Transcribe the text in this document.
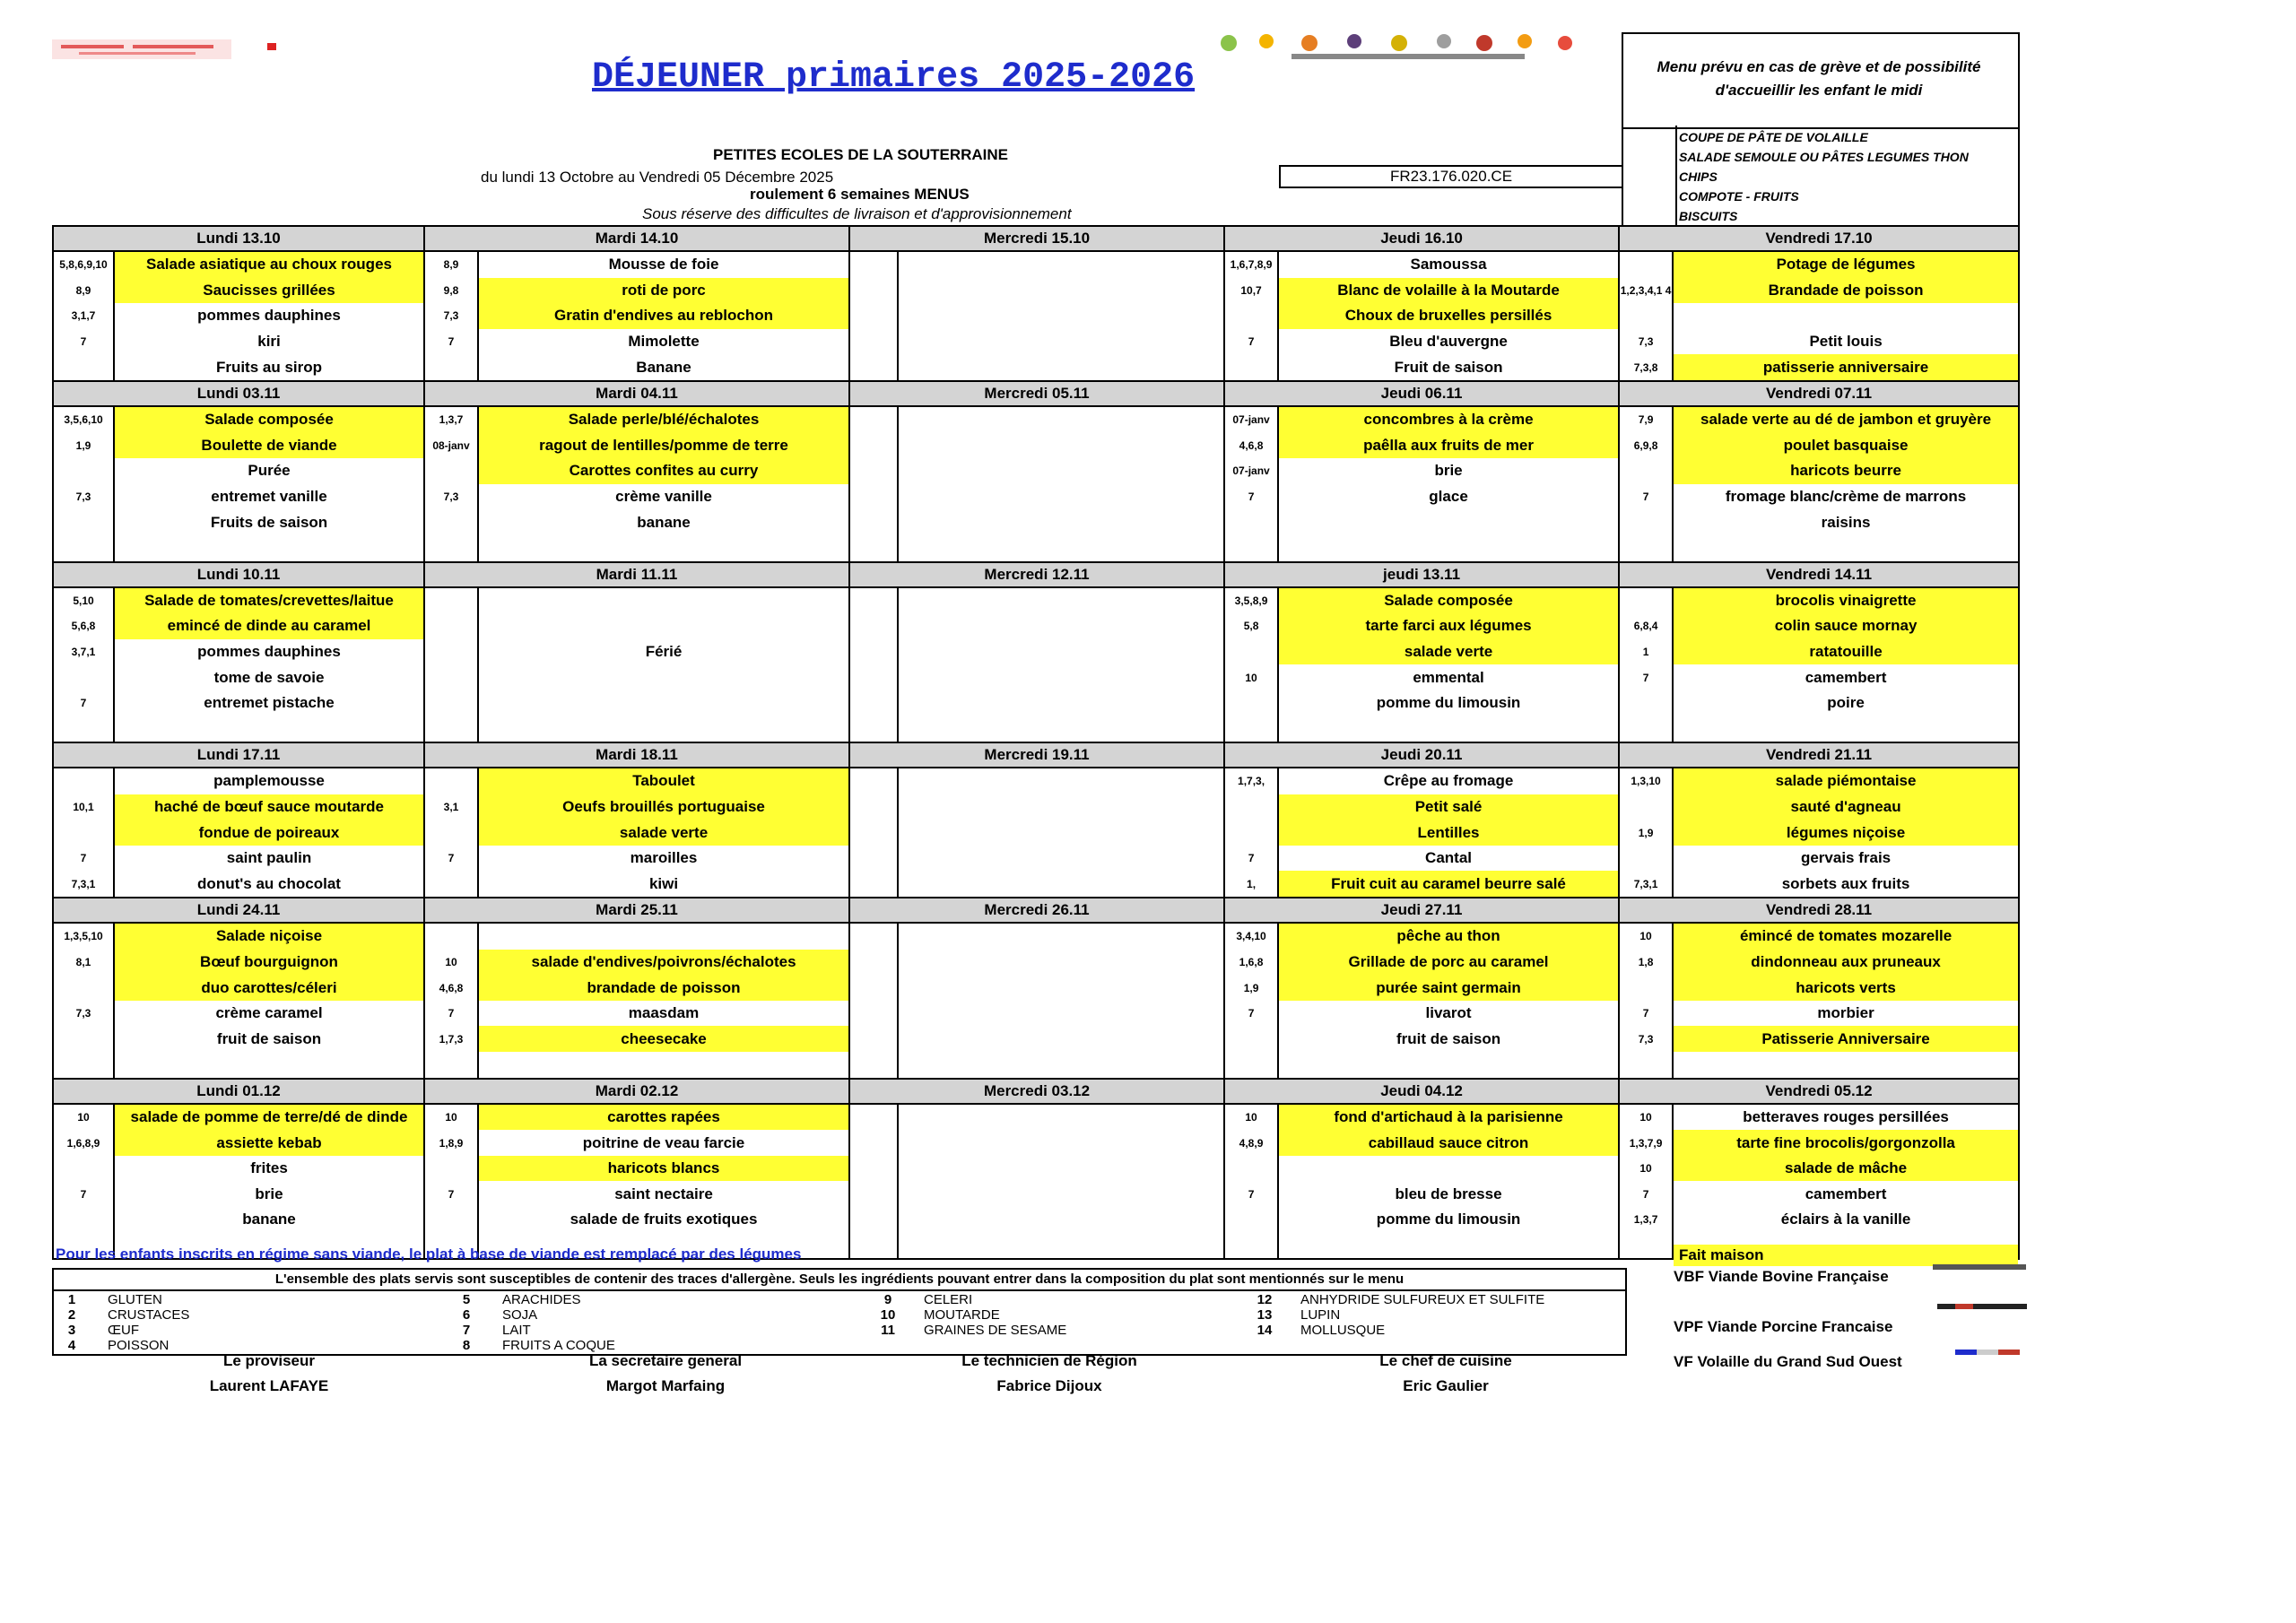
DÉJEUNER primaires 2025-2026
PETITES ECOLES DE LA SOUTERRAINE
du lundi 13 Octobre au Vendredi 05 Décembre 2025	FR23.176.020.CE
roulement 6 semaines MENUS
Sous réserve des difficultes de livraison et d'approvisionnement
Menu prévu en cas de grève et de possibilité
d'accueillir les enfant le midi
COUPE DE PÂTE DE VOLAILLE
SALADE SEMOULE OU PÂTES LEGUMES THON
CHIPS
COMPOTE - FRUITS
BISCUITS
Lundi 13.10		Mardi 14.10		Mercredi 15.10		Jeudi 16.10		Vendredi 17.10	
5,8,6,9,10	Salade asiatique au choux rouges	8,9	Mousse de foie			1,6,7,8,9	Samoussa		Potage de légumes
8,9	Saucisses grillées	9,8	roti de porc			10,7	Blanc de volaille à la Moutarde	1,2,3,4,1 4	Brandade de poisson
3,1,7	pommes dauphines	7,3	Gratin d'endives au reblochon				Choux de bruxelles persillés		
7	kiri	7	Mimolette			7	Bleu d'auvergne	7,3	Petit louis
	Fruits au sirop		Banane				Fruit de saison	7,3,8	patisserie anniversaire
Lundi 03.11		Mardi 04.11		Mercredi 05.11		Jeudi 06.11		Vendredi 07.11	
3,5,6,10	Salade composée	1,3,7	Salade perle/blé/échalotes			07-janv	concombres à la crème	7,9	salade verte au dé de jambon et gruyère
1,9	Boulette de viande	08-janv	ragout de lentilles/pomme de terre			4,6,8	paêlla aux fruits de mer	6,9,8	poulet basquaise
	Purée		Carottes confites au curry			07-janv	brie		haricots beurre
7,3	entremet vanille	7,3	crème vanille			7	glace	7	fromage blanc/crème de marrons
	Fruits de saison		banane						raisins

Lundi 10.11		Mardi 11.11		Mercredi 12.11		jeudi 13.11		Vendredi 14.11	
5,10	Salade de tomates/crevettes/laitue					3,5,8,9	Salade composée		brocolis vinaigrette
5,6,8	emincé de dinde au caramel					5,8	tarte farci aux légumes	6,8,4	colin sauce mornay
3,7,1	pommes dauphines		Férié				salade verte	1	ratatouille
	tome de savoie					10	emmental	7	camembert
7	entremet pistache						pomme du limousin		poire

Lundi 17.11		Mardi 18.11		Mercredi 19.11		Jeudi 20.11		Vendredi 21.11	
	pamplemousse		Taboulet			1,7,3,	Crêpe au fromage	1,3,10	salade piémontaise
10,1	haché de bœuf sauce moutarde	3,1	Oeufs brouillés portuguaise				Petit salé		sauté d'agneau
	fondue de poireaux		salade verte				Lentilles	1,9	légumes niçoise
7	saint paulin	7	maroilles			7	Cantal		gervais frais
7,3,1	donut's au chocolat		kiwi			1,	Fruit cuit au caramel beurre salé	7,3,1	sorbets aux fruits
Lundi 24.11		Mardi 25.11		Mercredi 26.11		Jeudi 27.11		Vendredi 28.11	
1,3,5,10	Salade niçoise					3,4,10	pêche au thon	10	émincé de tomates mozarelle
8,1	Bœuf bourguignon	10	salade d'endives/poivrons/échalotes			1,6,8	Grillade de porc au caramel	1,8	dindonneau aux pruneaux
	duo carottes/céleri	4,6,8	brandade de poisson			1,9	purée saint germain		haricots verts
7,3	crème caramel	7	maasdam			7	livarot	7	morbier
	fruit de saison	1,7,3	cheesecake				fruit de saison	7,3	Patisserie Anniversaire

Lundi 01.12		Mardi 02.12		Mercredi 03.12		Jeudi 04.12		Vendredi 05.12	
10	salade de pomme de terre/dé de dinde	10	carottes rapées			10	fond d'artichaud à la parisienne	10	betteraves rouges persillées
1,6,8,9	assiette kebab	1,8,9	poitrine de veau farcie			4,8,9	cabillaud sauce citron	1,3,7,9	tarte fine brocolis/gorgonzolla
	frites		haricots blancs					10	salade de mâche
7	brie	7	saint nectaire			7	bleu de bresse	7	camembert
	banane		salade de fruits exotiques				pomme du limousin	1,3,7	éclairs à la vanille

Pour les enfants inscrits en régime sans viande, le plat à base de viande est remplacé par des légumes	Fait maison
L'ensemble des plats servis sont susceptibles de contenir des traces d'allergène. Seuls les ingrédients pouvant entrer dans la composition du plat sont mentionnés sur le menu
1 GLUTEN
2 CRUSTACES
3 ŒUF
4 POISSON
5 ARACHIDES
6 SOJA
7 LAIT
8 FRUITS A COQUE
9 CELERI
10 MOUTARDE
11 GRAINES DE SESAME
12 ANHYDRIDE SULFUREUX ET SULFITE
13 LUPIN
14 MOLLUSQUE
VBF Viande Bovine Française
VPF Viande Porcine Francaise
VF Volaille du Grand Sud Ouest
Le proviseur
Laurent LAFAYE
La secretaire general
Margot Marfaing
Le technicien de Région
Fabrice Dijoux
Le chef de cuisine
Eric Gaulier
